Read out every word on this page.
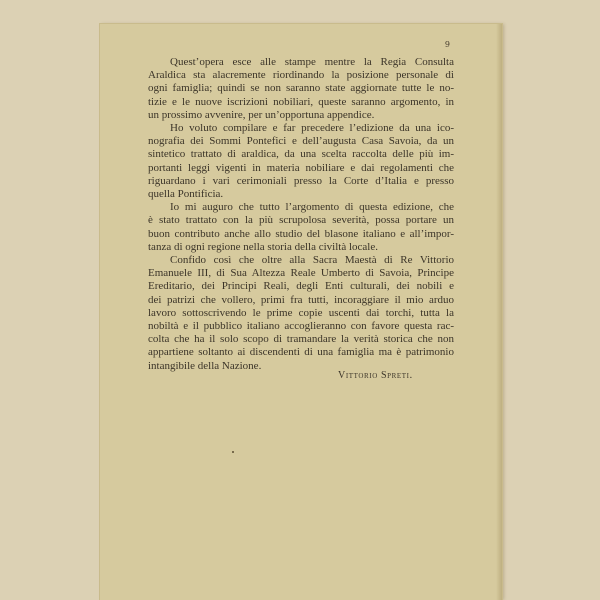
9
Quest’opera esce alle stampe mentre la Regia Consulta
Araldica sta alacremente riordinando la posizione personale di
ogni famiglia; quindi se non saranno state aggiornate tutte le no-
tizie e le nuove iscrizioni nobiliari, queste saranno argomento, in
un prossimo avvenire, per un’opportuna appendice.
Ho voluto compilare e far precedere l’edizione da una ico-
nografia dei Sommi Pontefici e dell’augusta Casa Savoia, da un
sintetico trattato di araldica, da una scelta raccolta delle più im-
portanti leggi vigenti in materia nobiliare e dai regolamenti che
riguardano i vari cerimoniali presso la Corte d’Italia e presso
quella Pontificia.
Io mi auguro che tutto l’argomento di questa edizione, che
è stato trattato con la più scrupolosa severità, possa portare un
buon contributo anche allo studio del blasone italiano e all’impor-
tanza di ogni regione nella storia della civiltà locale.
Confido così che oltre alla Sacra Maestà di Re Vittorio
Emanuele III, di Sua Altezza Reale Umberto di Savoia, Principe
Ereditario, dei Principi Reali, degli Enti culturali, dei nobili e
dei patrizi che vollero, primi fra tutti, incoraggiare il mio arduo
lavoro sottoscrivendo le prime copie uscenti dai torchi, tutta la
nobiltà e il pubblico italiano accoglieranno con favore questa rac-
colta che ha il solo scopo di tramandare la verità storica che non
appartiene soltanto ai discendenti di una famiglia ma è patrimonio
intangibile della Nazione.
Vittorio Spreti.
